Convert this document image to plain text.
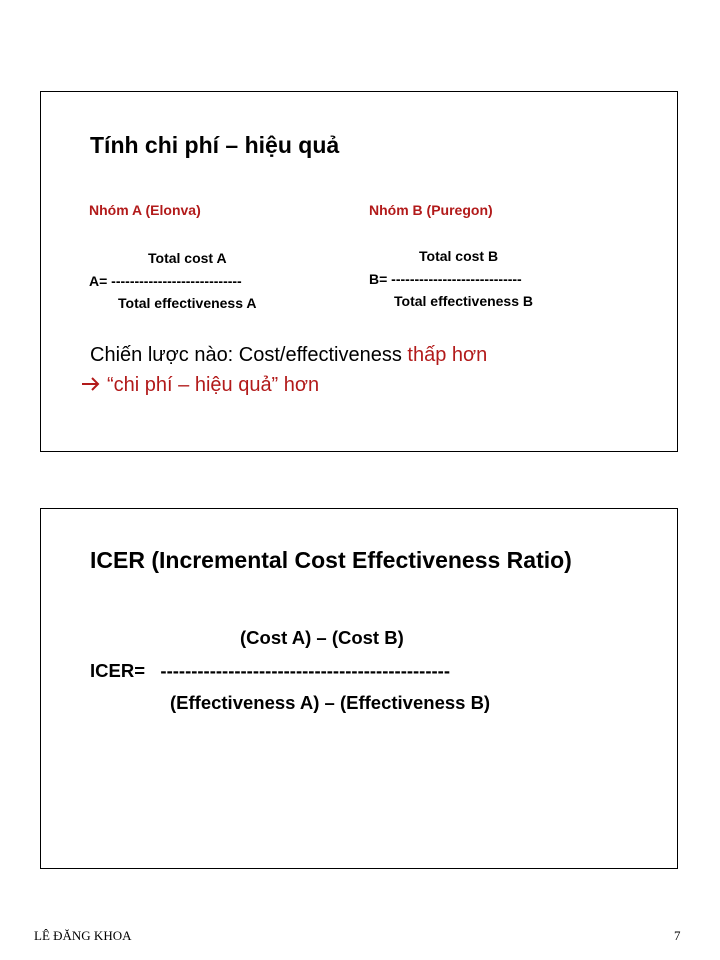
Tính chi phí – hiệu quả
Nhóm A (Elonva)
Total cost A
A= ----------------------------
Total effectiveness A
Nhóm B (Puregon)
Total cost B
B= ----------------------------
Total effectiveness B
Chiến lược nào: Cost/effectiveness thấp hơn
“chi phí – hiệu quả” hơn
ICER (Incremental Cost Effectiveness Ratio)
(Cost A) – (Cost B)
ICER=   -----------------------------------------------
(Effectiveness A) – (Effectiveness B)
LÊ ĐĂNG KHOA	7
